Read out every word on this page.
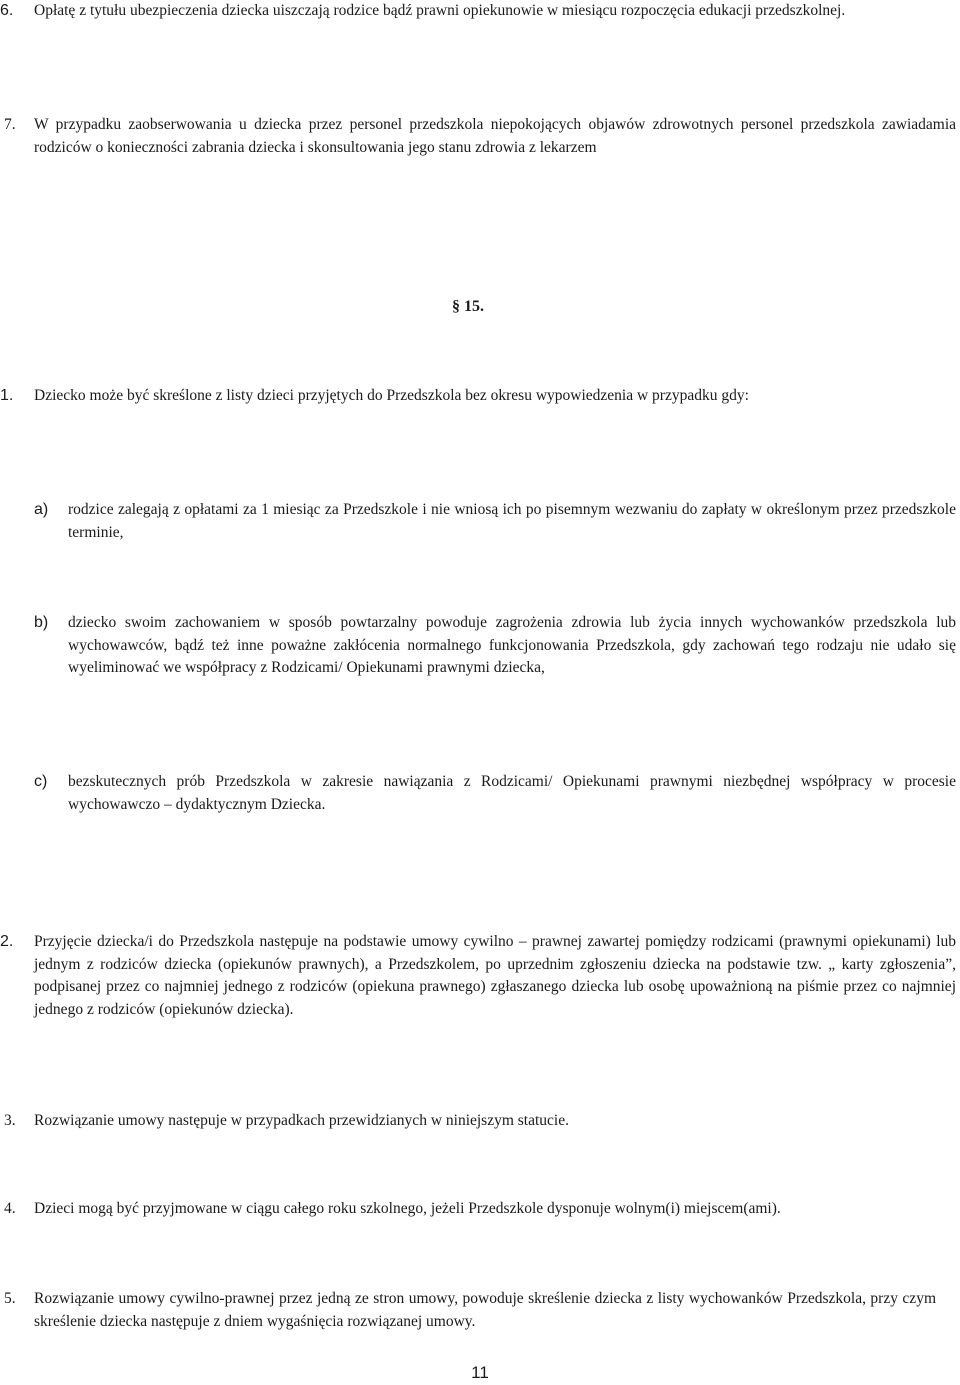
6. Opłatę z tytułu ubezpieczenia dziecka uiszczają rodzice bądź prawni opiekunowie w miesiącu rozpoczęcia edukacji przedszkolnej.
7. W przypadku zaobserwowania u dziecka przez personel przedszkola niepokojących objawów zdrowotnych personel przedszkola zawiadamia rodziców o konieczności zabrania dziecka i skonsultowania jego stanu zdrowia z lekarzem
§ 15.
1. Dziecko może być skreślone z listy dzieci przyjętych do Przedszkola bez okresu wypowiedzenia w przypadku gdy:
a) rodzice zalegają z opłatami za 1 miesiąc za Przedszkole i nie wniosą ich po pisemnym wezwaniu do zapłaty w określonym przez przedszkole terminie,
b) dziecko swoim zachowaniem w sposób powtarzalny powoduje zagrożenia zdrowia lub życia innych wychowanków przedszkola lub wychowawców, bądź też inne poważne zakłócenia normalnego funkcjonowania Przedszkola, gdy zachowań tego rodzaju nie udało się wyeliminować we współpracy z Rodzicami/ Opiekunami prawnymi dziecka,
c) bezskutecznych prób Przedszkola w zakresie nawiązania z Rodzicami/ Opiekunami prawnymi niezbędnej współpracy w procesie wychowawczo – dydaktycznym Dziecka.
2. Przyjęcie dziecka/i do Przedszkola następuje na podstawie umowy cywilno – prawnej zawartej pomiędzy rodzicami (prawnymi opiekunami) lub jednym z rodziców dziecka (opiekunów prawnych), a Przedszkolem, po uprzednim zgłoszeniu dziecka na podstawie tzw. „ karty zgłoszenia”, podpisanej przez co najmniej jednego z rodziców (opiekuna prawnego) zgłaszanego dziecka lub osobę upoważnioną na piśmie przez co najmniej jednego z rodziców (opiekunów dziecka).
3. Rozwiązanie umowy następuje w przypadkach przewidzianych w niniejszym statucie.
4. Dzieci mogą być przyjmowane w ciągu całego roku szkolnego, jeżeli Przedszkole dysponuje wolnym(i) miejscem(ami).
5. Rozwiązanie umowy cywilno-prawnej przez jedną ze stron umowy, powoduje skreślenie dziecka z listy wychowanków Przedszkola, przy czym skreślenie dziecka następuje z dniem wygaśnięcia rozwiązanej umowy.
11
